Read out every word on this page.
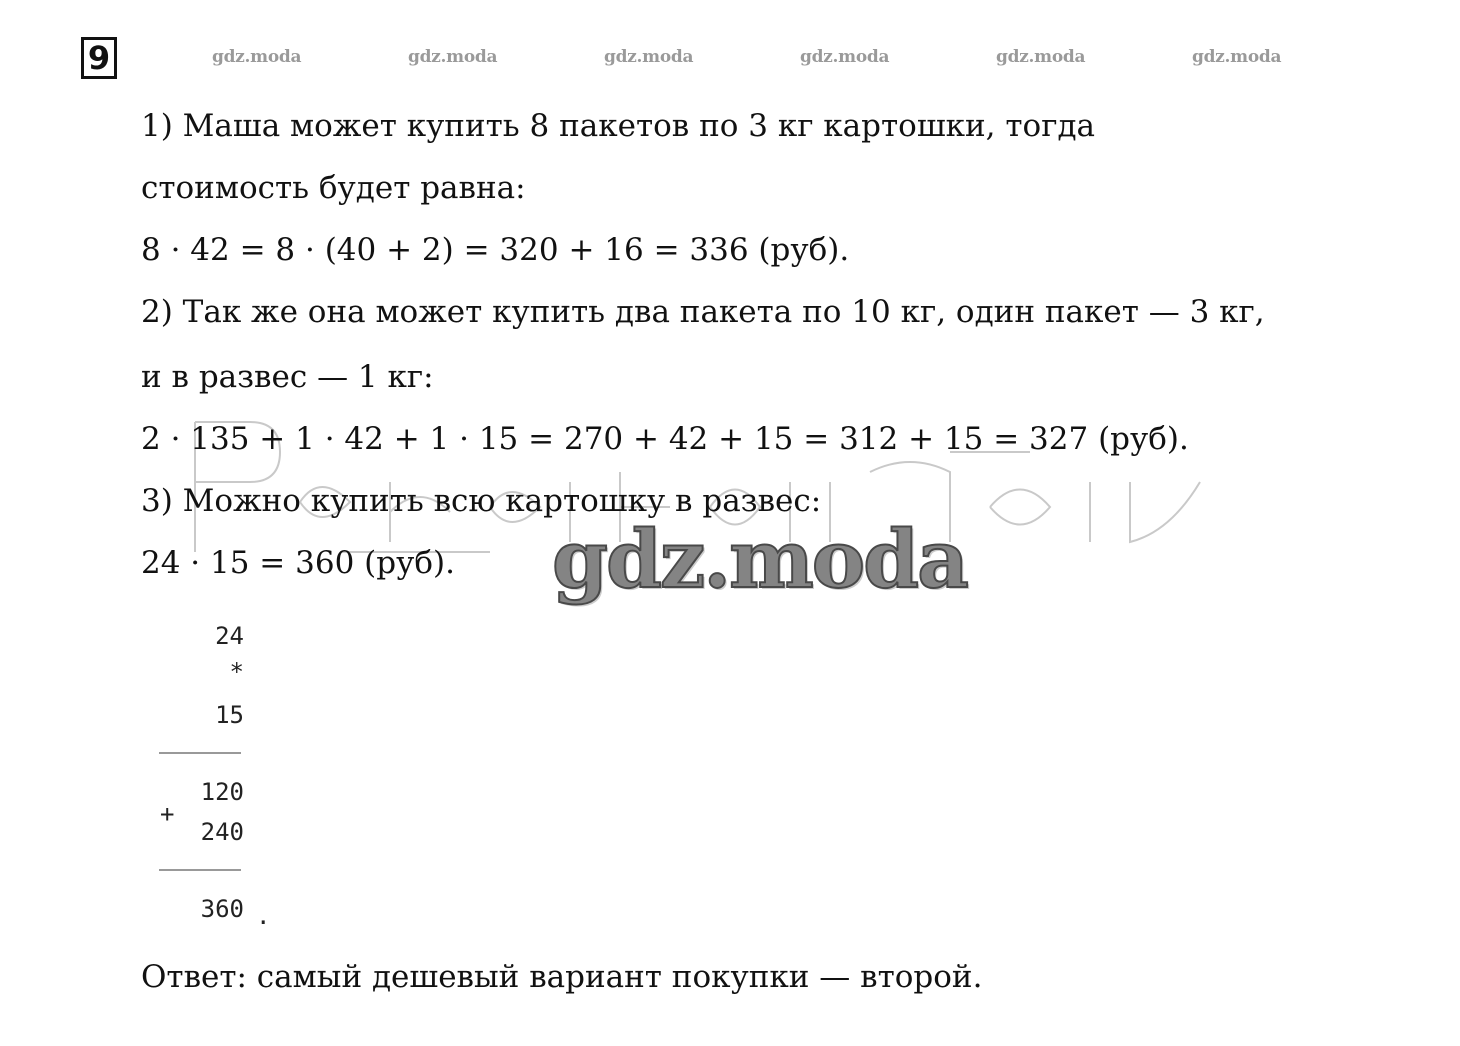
9	gdz.moda	gdz.moda	gdz.moda	gdz.moda	gdz.moda	gdz.moda
1) Маша может купить 8 пакетов по 3 кг картошки, тогда
стоимость будет равна:
8 · 42 = 8 · (40 + 2) = 320 + 16 = 336 (руб).
2) Так же она может купить два пакета по 10 кг, один пакет — 3 кг,
и в развес — 1 кг:
2 · 135 + 1 · 42 + 1 · 15 = 270 + 42 + 15 = 312 + 15 = 327 (руб).
3) Можно купить всю картошку в развес:
24 · 15 = 360 (руб). gdz.moda
24
*
15
+
120
240
360 .
Ответ: самый дешевый вариант покупки — второй.
